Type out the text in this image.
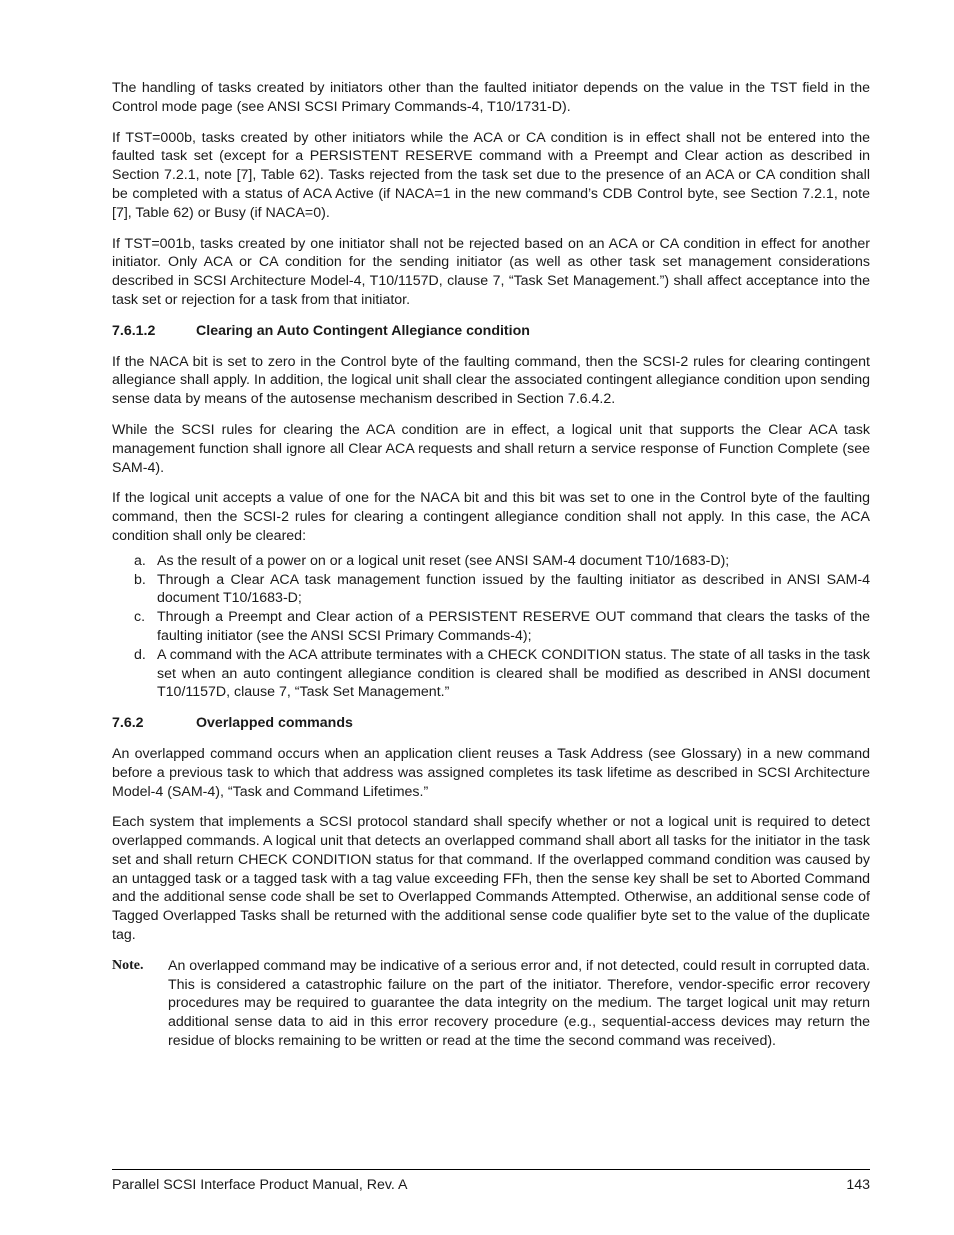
The handling of tasks created by initiators other than the faulted initiator depends on the value in the TST field in the Control mode page (see ANSI SCSI Primary Commands-4, T10/1731-D).

If TST=000b, tasks created by other initiators while the ACA or CA condition is in effect shall not be entered into the faulted task set (except for a PERSISTENT RESERVE command with a Preempt and Clear action as described in Section 7.2.1, note [7], Table 62). Tasks rejected from the task set due to the presence of an ACA or CA condition shall be completed with a status of ACA Active (if NACA=1 in the new command’s CDB Control byte, see Section 7.2.1, note [7], Table 62) or Busy (if NACA=0).

If TST=001b, tasks created by one initiator shall not be rejected based on an ACA or CA condition in effect for another initiator. Only ACA or CA condition for the sending initiator (as well as other task set management considerations described in SCSI Architecture Model-4, T10/1157D, clause 7, “Task Set Management.”) shall affect acceptance into the task set or rejection for a task from that initiator.

7.6.1.2	Clearing an Auto Contingent Allegiance condition

If the NACA bit is set to zero in the Control byte of the faulting command, then the SCSI-2 rules for clearing contingent allegiance shall apply. In addition, the logical unit shall clear the associated contingent allegiance condition upon sending sense data by means of the autosense mechanism described in Section 7.6.4.2.

While the SCSI rules for clearing the ACA condition are in effect, a logical unit that supports the Clear ACA task management function shall ignore all Clear ACA requests and shall return a service response of Function Complete (see SAM-4).

If the logical unit accepts a value of one for the NACA bit and this bit was set to one in the Control byte of the faulting command, then the SCSI-2 rules for clearing a contingent allegiance condition shall not apply. In this case, the ACA condition shall only be cleared:

a. As the result of a power on or a logical unit reset (see ANSI SAM-4 document T10/1683-D);
b. Through a Clear ACA task management function issued by the faulting initiator as described in ANSI SAM-4 document T10/1683-D;
c. Through a Preempt and Clear action of a PERSISTENT RESERVE OUT command that clears the tasks of the faulting initiator (see the ANSI SCSI Primary Commands-4);
d. A command with the ACA attribute terminates with a CHECK CONDITION status. The state of all tasks in the task set when an auto contingent allegiance condition is cleared shall be modified as described in ANSI document T10/1157D, clause 7, “Task Set Management.”
7.6.2	Overlapped commands

An overlapped command occurs when an application client reuses a Task Address (see Glossary) in a new command before a previous task to which that address was assigned completes its task lifetime as described in SCSI Architecture Model-4 (SAM-4), “Task and Command Lifetimes.”

Each system that implements a SCSI protocol standard shall specify whether or not a logical unit is required to detect overlapped commands. A logical unit that detects an overlapped command shall abort all tasks for the initiator in the task set and shall return CHECK CONDITION status for that command. If the overlapped command condition was caused by an untagged task or a tagged task with a tag value exceeding FFh, then the sense key shall be set to Aborted Command and the additional sense code shall be set to Overlapped Commands Attempted. Otherwise, an additional sense code of Tagged Overlapped Tasks shall be returned with the additional sense code qualifier byte set to the value of the duplicate tag.

Note.	An overlapped command may be indicative of a serious error and, if not detected, could result in corrupted data. This is considered a catastrophic failure on the part of the initiator. Therefore, vendor-specific error recovery procedures may be required to guarantee the data integrity on the medium. The target logical unit may return additional sense data to aid in this error recovery procedure (e.g., sequential-access devices may return the residue of blocks remaining to be written or read at the time the second command was received).
Parallel SCSI Interface Product Manual, Rev. A	143
